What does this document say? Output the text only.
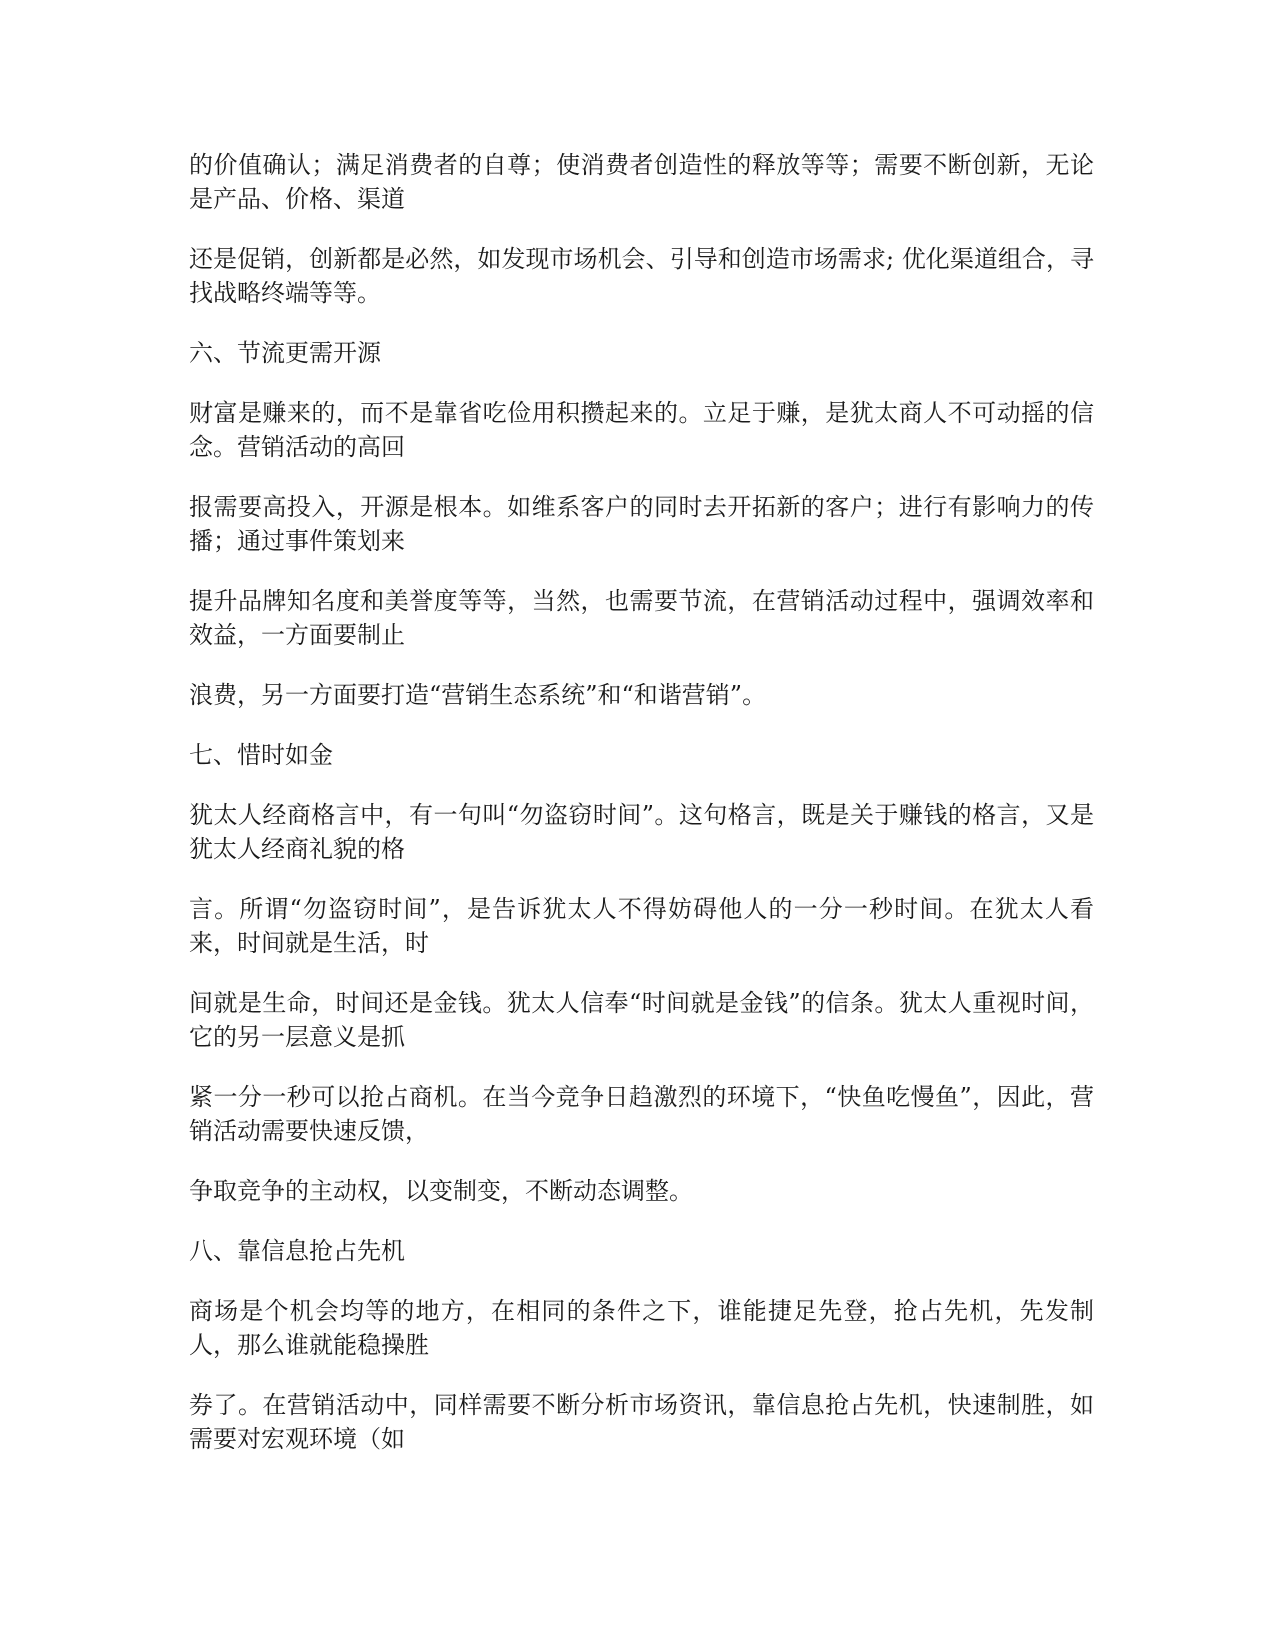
的价值确认；满足消费者的自尊；使消费者创造性的释放等等；需要不断创新，无论是产品、价格、渠道

还是促销，创新都是必然，如发现市场机会、引导和创造市场需求; 优化渠道组合，寻找战略终端等等。

六、节流更需开源

财富是赚来的，而不是靠省吃俭用积攒起来的。立足于赚，是犹太商人不可动摇的信念。营销活动的高回

报需要高投入，开源是根本。如维系客户的同时去开拓新的客户；进行有影响力的传播；通过事件策划来

提升品牌知名度和美誉度等等，当然，也需要节流，在营销活动过程中，强调效率和效益，一方面要制止

浪费，另一方面要打造“营销生态系统”和“和谐营销”。

七、惜时如金

犹太人经商格言中，有一句叫“勿盗窃时间”。这句格言，既是关于赚钱的格言，又是犹太人经商礼貌的格

言。所谓“勿盗窃时间”，是告诉犹太人不得妨碍他人的一分一秒时间。在犹太人看来，时间就是生活，时

间就是生命，时间还是金钱。犹太人信奉“时间就是金钱”的信条。犹太人重视时间，它的另一层意义是抓

紧一分一秒可以抢占商机。在当今竞争日趋激烈的环境下，“快鱼吃慢鱼”，因此，营销活动需要快速反馈，

争取竞争的主动权，以变制变，不断动态调整。

八、靠信息抢占先机

商场是个机会均等的地方，在相同的条件之下，谁能捷足先登，抢占先机，先发制人，那么谁就能稳操胜

券了。在营销活动中，同样需要不断分析市场资讯，靠信息抢占先机，快速制胜，如需要对宏观环境（如
